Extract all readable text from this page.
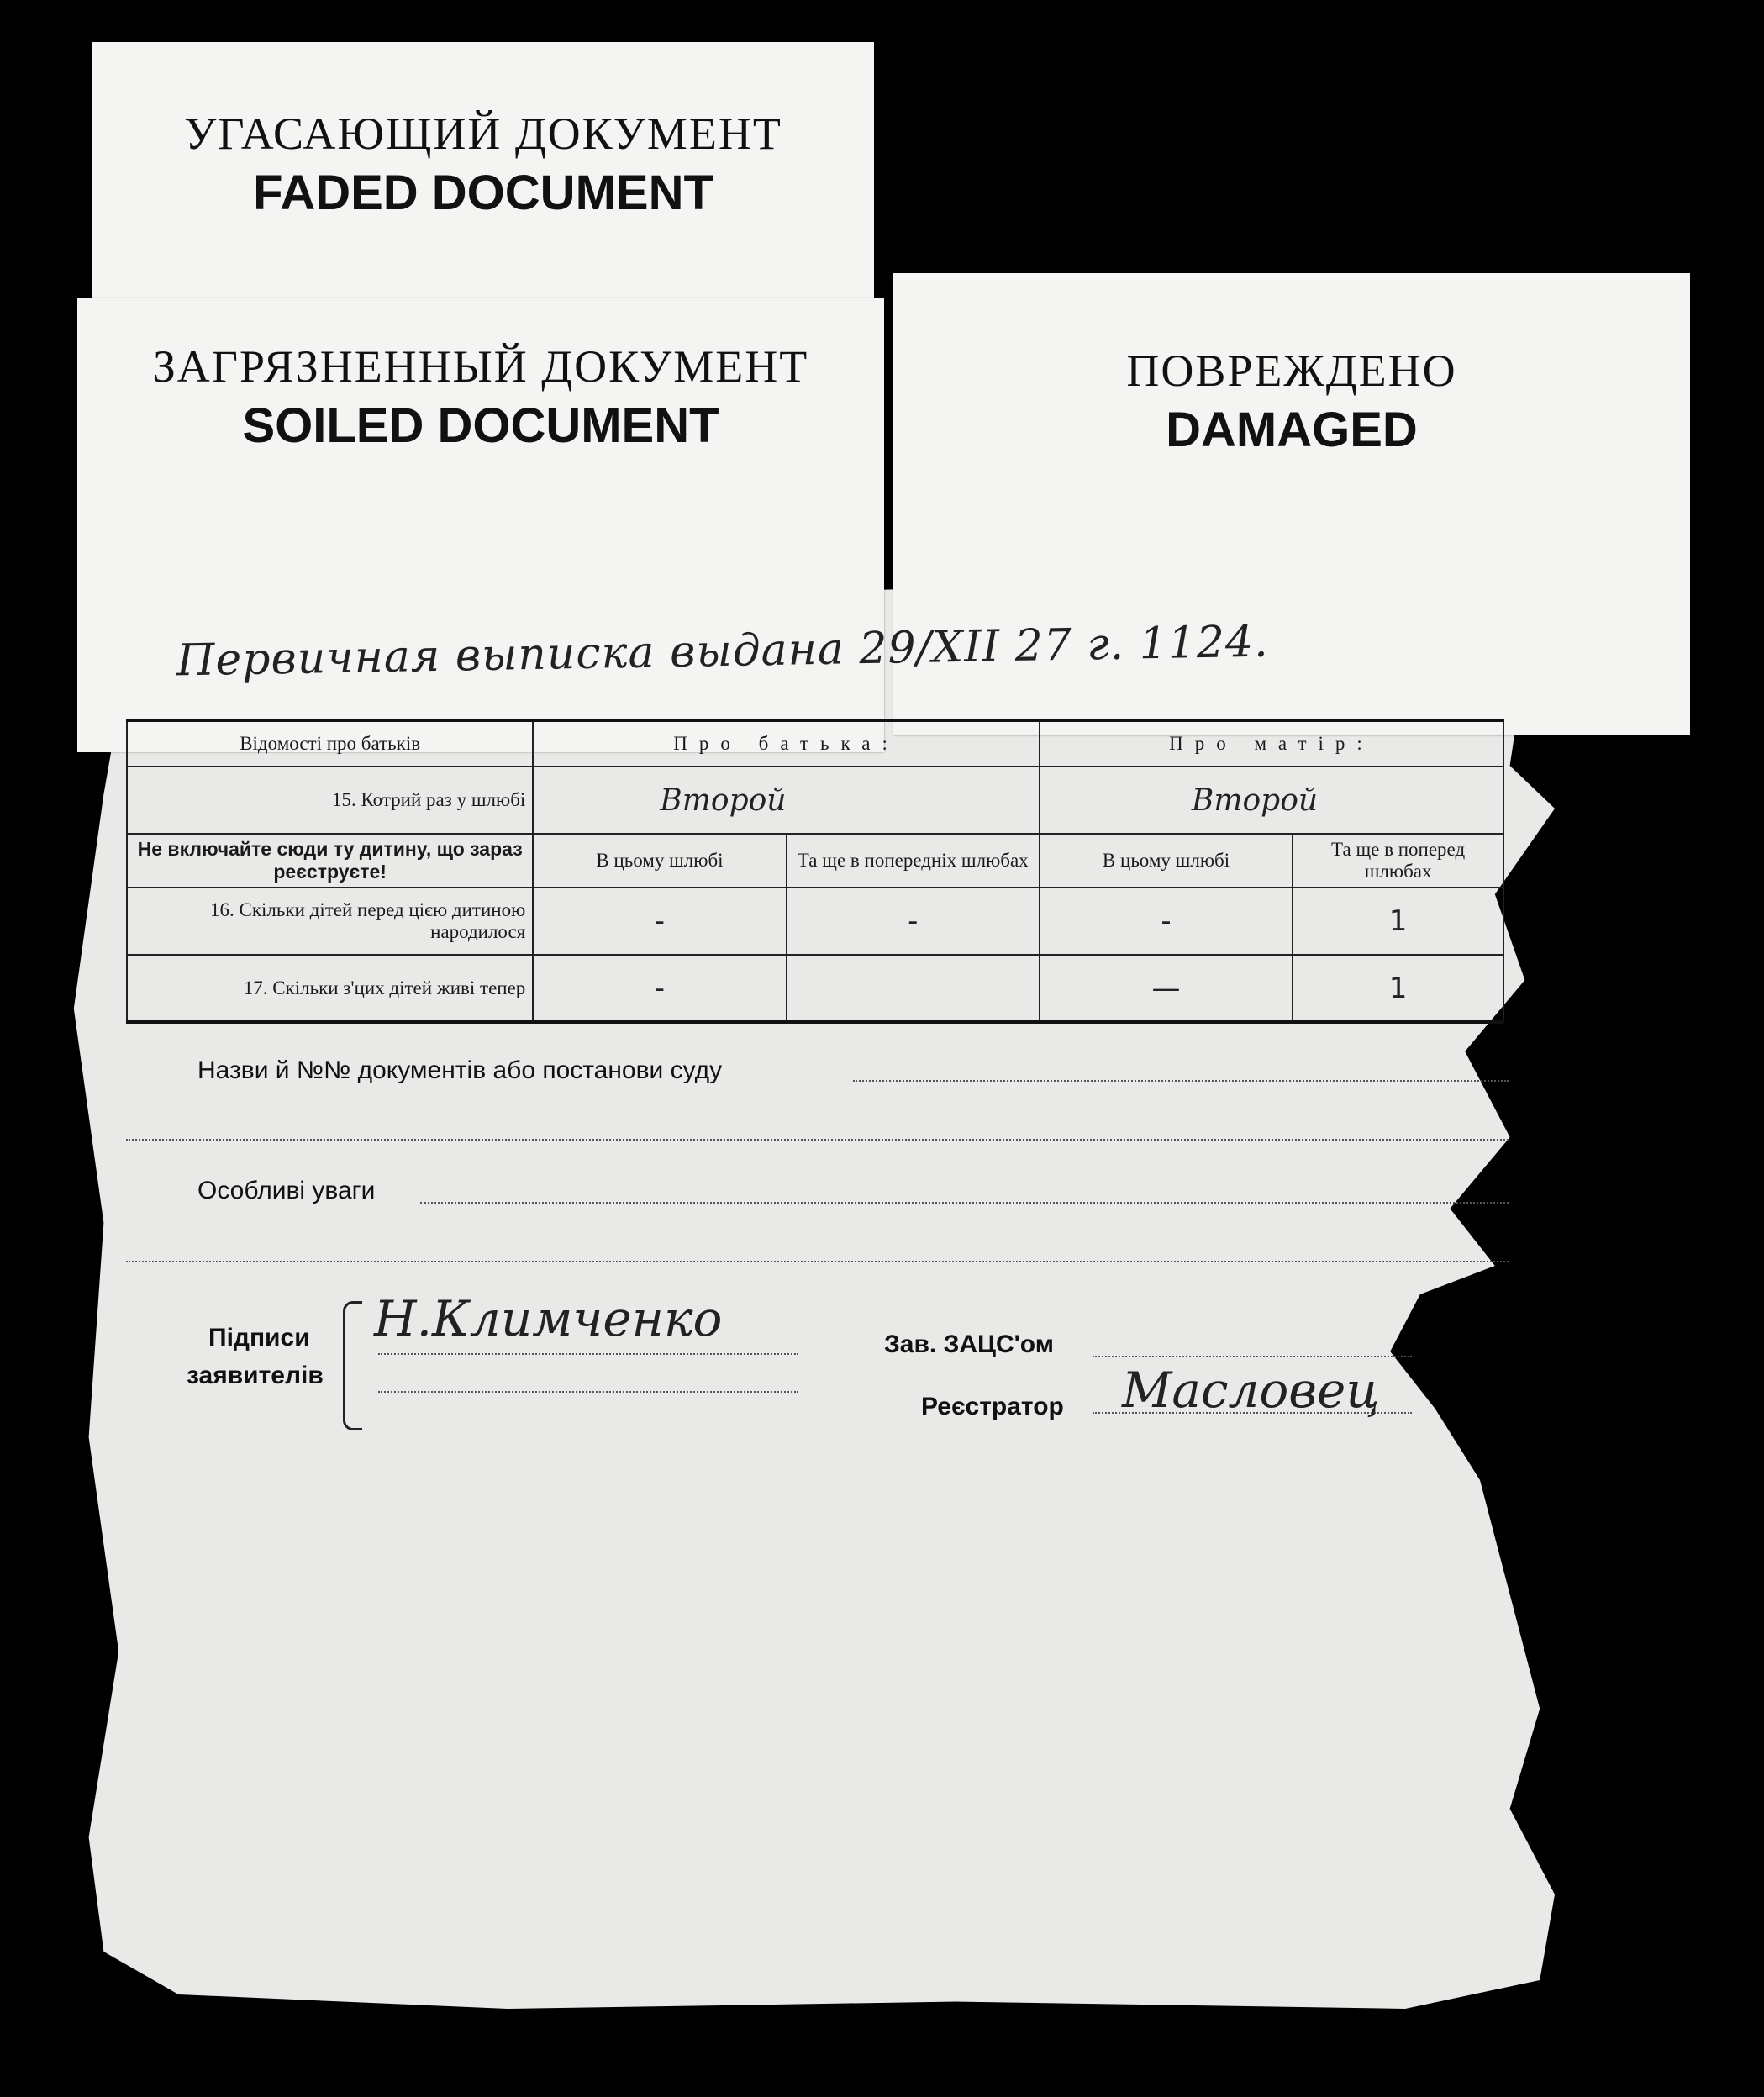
УГАСАЮЩИЙ ДОКУМЕНТ
FADED DOCUMENT
ЗАГРЯЗНЕННЫЙ ДОКУМЕНТ
SOILED DOCUMENT
ПОВРЕЖДЕНО
DAMAGED
Первичная выписка выдана 29/XII 27 г. 1124.
Відомості про батьків	Про батька:		Про матір:	
15. Котрий раз у шлюбі	Второй		Второй	
Не включайте сюди ту дитину, що зараз реєструєте!	В цьому шлюбі	Та ще в попередніх шлюбах	В цьому шлюбі	Та ще в поперед шлюбах
16. Скільки дітей перед цією дитиною народилося	-	-	-	1
17. Скільки з'цих дітей живі тепер	-		—	1
Назви й №№ документів або постанови суду
Особливі уваги
Підписи
заявителів
Н.Климченко	Зав. ЗАЦС'ом
Реєстратор Масловец
